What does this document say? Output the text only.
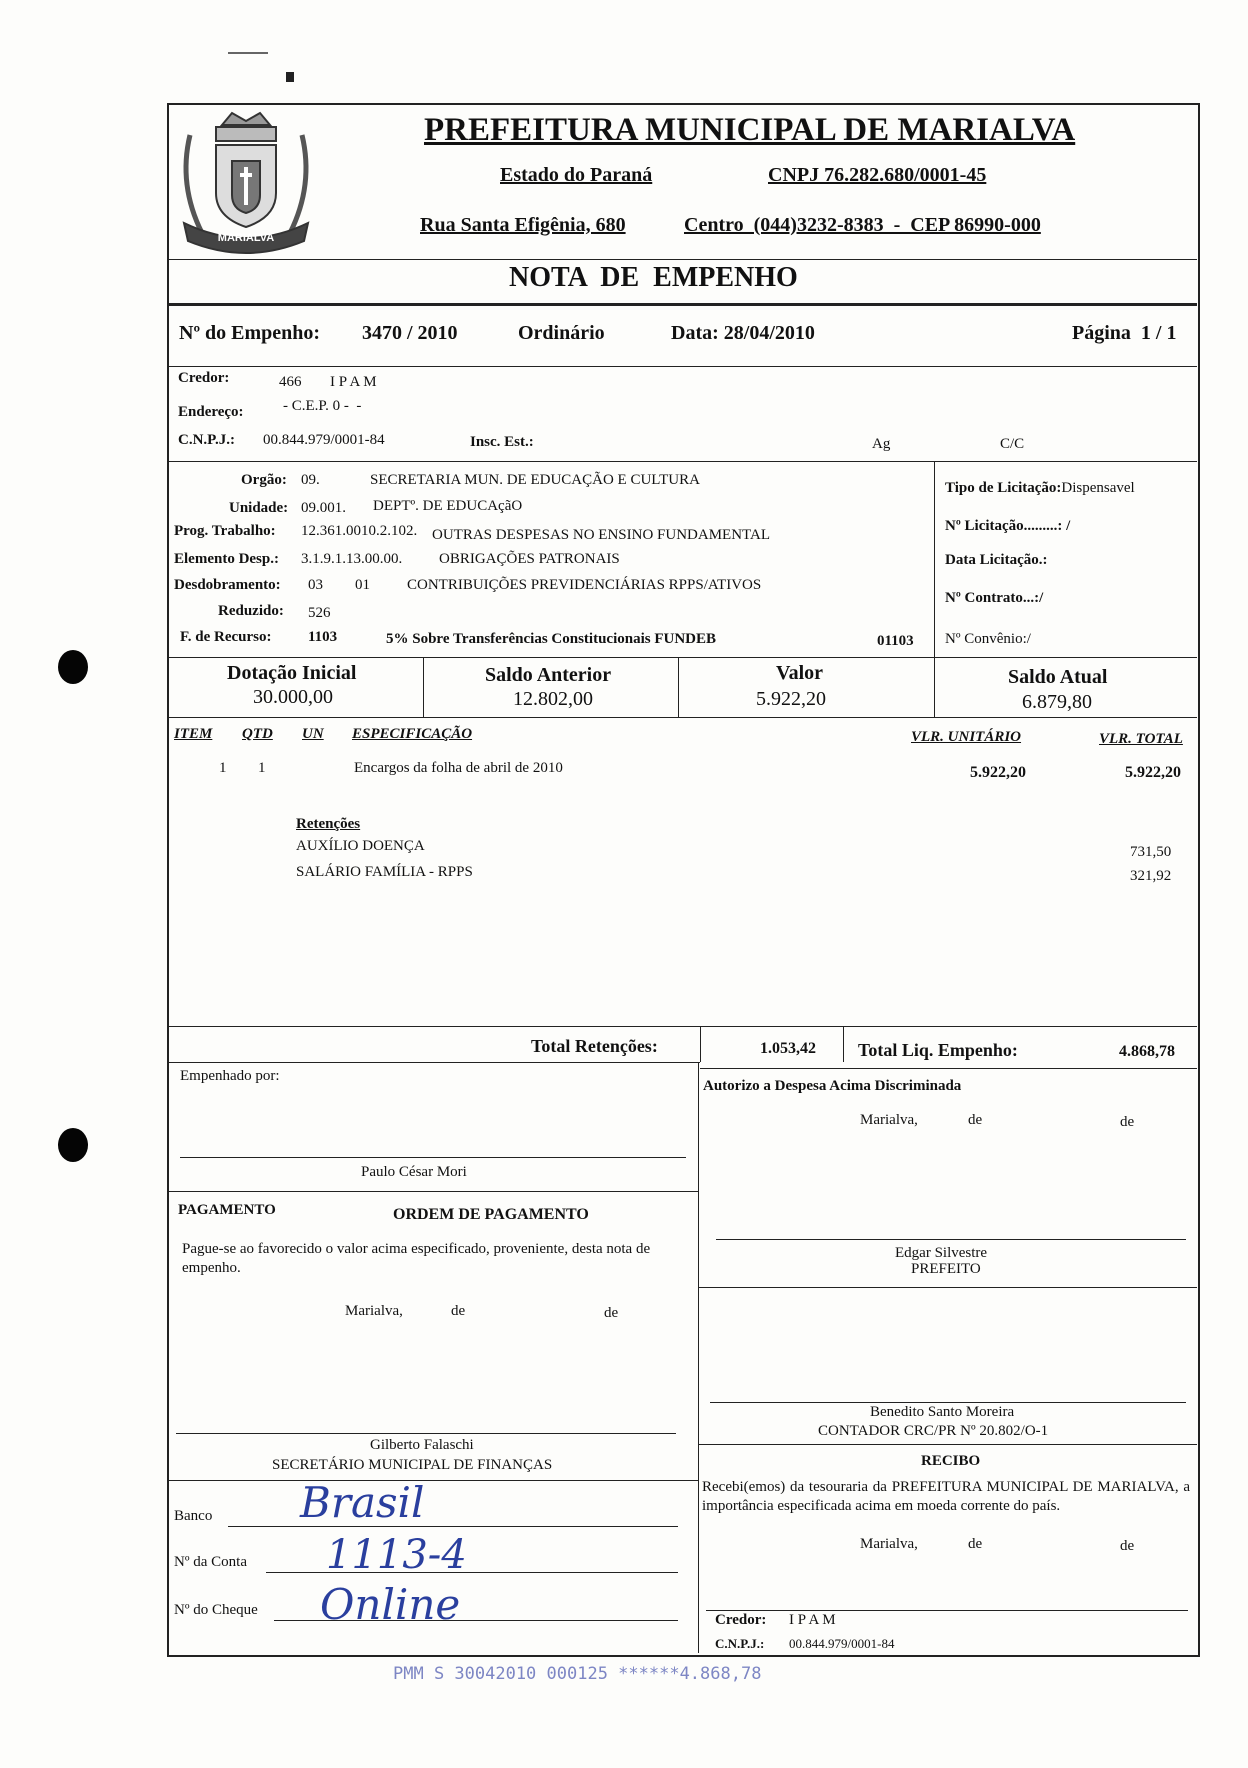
MARIALVA
PREFEITURA MUNICIPAL DE MARIALVA
Estado do Paraná	CNPJ 76.282.680/0001-45
Rua Santa Efigênia, 680	Centro  (044)3232-8383  -  CEP 86990-000
NOTA  DE  EMPENHO
Nº do Empenho: 3470 / 2010	Ordinário	Data: 28/04/2010	Página  1 / 1
Credor:	466 I P A M
Endereço:	- C.E.P. 0 -  -
C.N.P.J.: 00.844.979/0001-84	Insc. Est.:	Ag	C/C
Orgão: 09.	SECRETARIA MUN. DE EDUCAÇÃO E CULTURA
Unidade: 09.001. DEPTº. DE EDUCAçãO
Prog. Trabalho: 12.361.0010.2.102. OUTRAS DESPESAS NO ENSINO FUNDAMENTAL
Elemento Desp.: 3.1.9.1.13.00.00. OBRIGAÇÕES PATRONAIS
Desdobramento: 03 01 CONTRIBUIÇÕES PREVIDENCIÁRIAS RPPS/ATIVOS
Reduzido: 526
F. de Recurso: 1103	5% Sobre Transferências Constitucionais FUNDEB	01103
Tipo de Licitação:Dispensavel
Nº Licitação.........: /
Data Licitação.:
Nº Contrato...:/
Nº Convênio:/
Dotação Inicial
30.000,00
Saldo Anterior
12.802,00
Valor
5.922,20
Saldo Atual
6.879,80
ITEM QTD UN ESPECIFICAÇÃO	VLR. UNITÁRIO	VLR. TOTAL
1 1	Encargos da folha de abril de 2010	5.922,20	5.922,20
Retenções
AUXÍLIO DOENÇA	731,50
SALÁRIO FAMÍLIA - RPPS	321,92
Total Retenções:	1.053,42 Total Liq. Empenho:	4.868,78
Empenhado por:
Paulo César Mori
PAGAMENTO	ORDEM DE PAGAMENTO
Pague-se ao favorecido o valor acima especificado, proveniente, desta nota de empenho.
Marialva,	de	de
Gilberto Falaschi
SECRETÁRIO MUNICIPAL DE FINANÇAS
Banco Brasil
Nº da Conta 1113-4
Nº do Cheque Online
Autorizo a Despesa Acima Discriminada
Marialva,	de	de
Edgar Silvestre
PREFEITO
Benedito Santo Moreira
CONTADOR CRC/PR Nº 20.802/O-1
RECIBO
Recebi(emos) da tesouraria da PREFEITURA MUNICIPAL DE MARIALVA, a importância especificada acima em moeda corrente do país.
Marialva,	de	de
Credor: I P A M
C.N.P.J.: 00.844.979/0001-84
PMM S 30042010 000125 ******4.868,78
